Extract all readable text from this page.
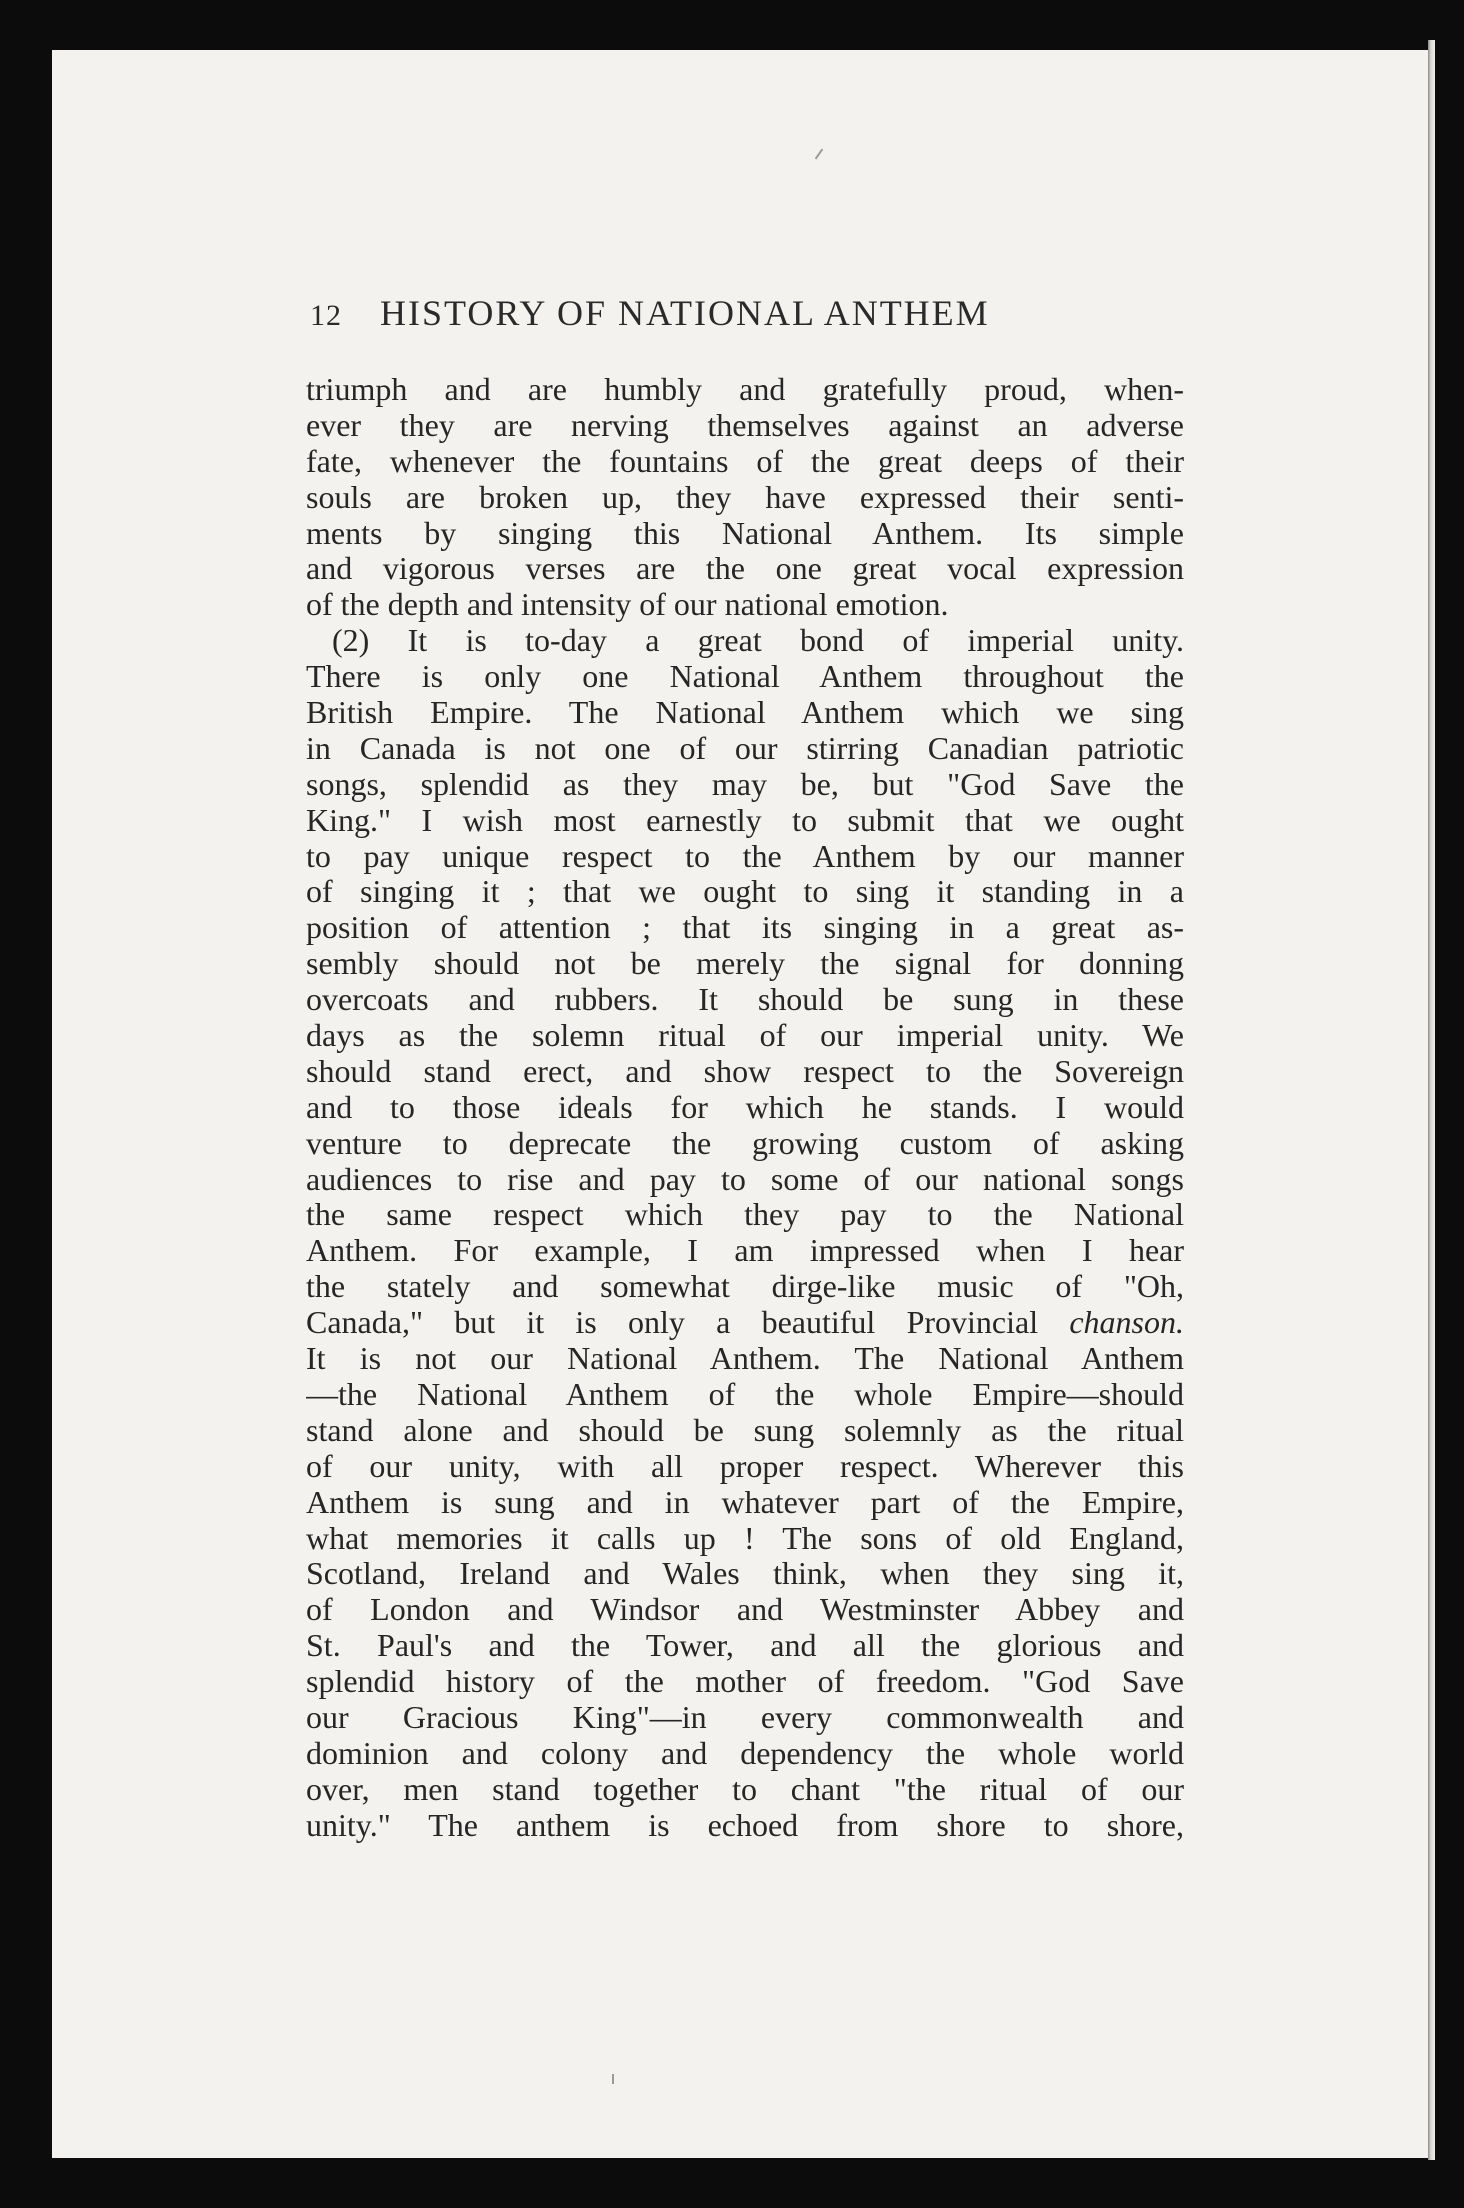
12 HISTORY OF NATIONAL ANTHEM
triumph and are humbly and gratefully proud, when-
ever they are nerving themselves against an adverse
fate, whenever the fountains of the great deeps of their
souls are broken up, they have expressed their senti-
ments by singing this National Anthem. Its simple
and vigorous verses are the one great vocal expression
of the depth and intensity of our national emotion.
(2) It is to-day a great bond of imperial unity.
There is only one National Anthem throughout the
British Empire. The National Anthem which we sing
in Canada is not one of our stirring Canadian patriotic
songs, splendid as they may be, but "God Save the
King." I wish most earnestly to submit that we ought
to pay unique respect to the Anthem by our manner
of singing it ; that we ought to sing it standing in a
position of attention ; that its singing in a great as-
sembly should not be merely the signal for donning
overcoats and rubbers. It should be sung in these
days as the solemn ritual of our imperial unity. We
should stand erect, and show respect to the Sovereign
and to those ideals for which he stands. I would
venture to deprecate the growing custom of asking
audiences to rise and pay to some of our national songs
the same respect which they pay to the National
Anthem. For example, I am impressed when I hear
the stately and somewhat dirge-like music of "Oh,
Canada," but it is only a beautiful Provincial chanson.
It is not our National Anthem. The National Anthem
—the National Anthem of the whole Empire—should
stand alone and should be sung solemnly as the ritual
of our unity, with all proper respect. Wherever this
Anthem is sung and in whatever part of the Empire,
what memories it calls up ! The sons of old England,
Scotland, Ireland and Wales think, when they sing it,
of London and Windsor and Westminster Abbey and
St. Paul's and the Tower, and all the glorious and
splendid history of the mother of freedom. "God Save
our Gracious King"—in every commonwealth and
dominion and colony and dependency the whole world
over, men stand together to chant "the ritual of our
unity." The anthem is echoed from shore to shore,
